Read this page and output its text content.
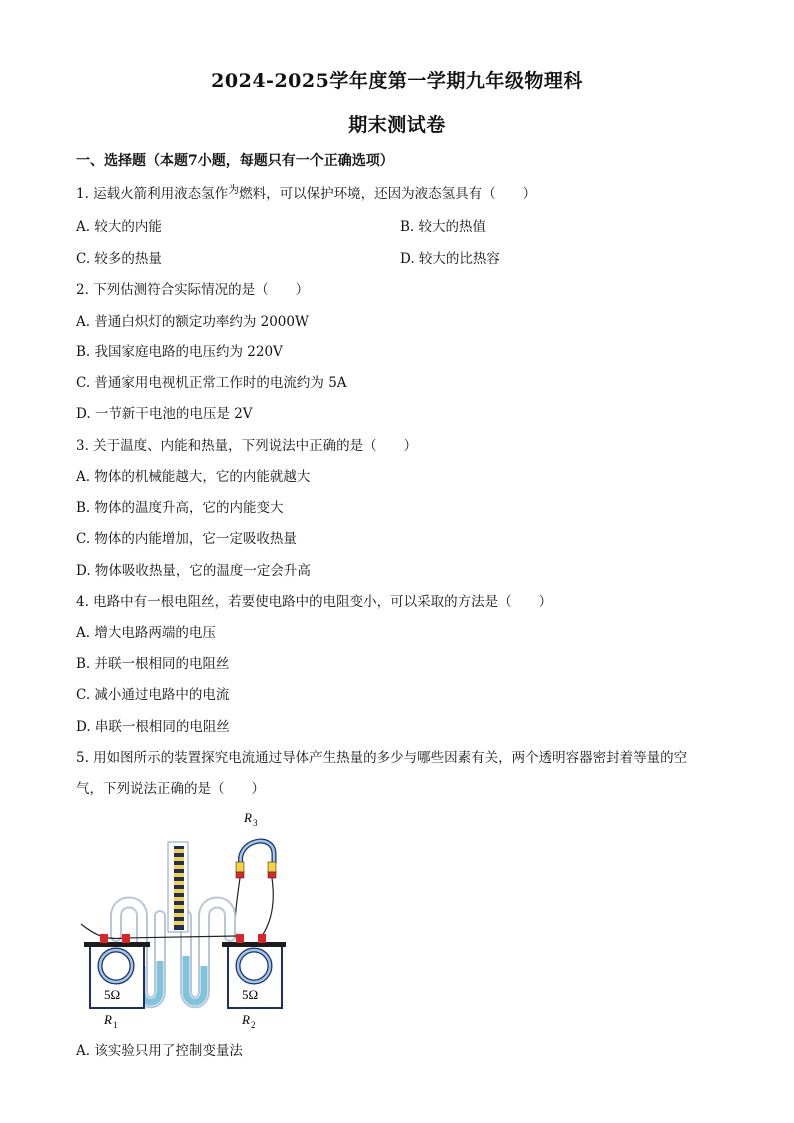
2024-2025学年度第一学期九年级物理科
期末测试卷
一、选择题（本题7小题，每题只有一个正确选项）
1. 运载火箭利用液态氢作$^为$燃料，可以保护环境，还因为液态氢具有（　　）
A. 较大的内能	B. 较大的热值
C. 较多的热量	D. 较大的比热容
2. 下列估测符合实际情况的是（　　）
A. 普通白炽灯的额定功率约为 2000W
B. 我国家庭电路的电压约为 220V
C. 普通家用电视机正常工作时的电流约为 5A
D. 一节新干电池的电压是 2V
3. 关于温度、内能和热量，下列说法中正确的是（　　）
A. 物体的机械能越大，它的内能就越大
B. 物体的温度升高，它的内能变大
C. 物体的内能增加，它一定吸收热量
D. 物体吸收热量，它的温度一定会升高
4. 电路中有一根电阻丝，若要使电路中的电阻变小，可以采取的方法是（　　）
A. 增大电路两端的电压
B. 并联一根相同的电阻丝
C. 减小通过电路中的电流
D. 串联一根相同的电阻丝
5. 用如图所示的装置探究电流通过导体产生热量的多少与哪些因素有关，两个透明容器密封着等量的空
气，下列说法正确的是（　　）
R 3
5Ω	5Ω
R 1	R 2
A. 该实验只用了控制变量法
